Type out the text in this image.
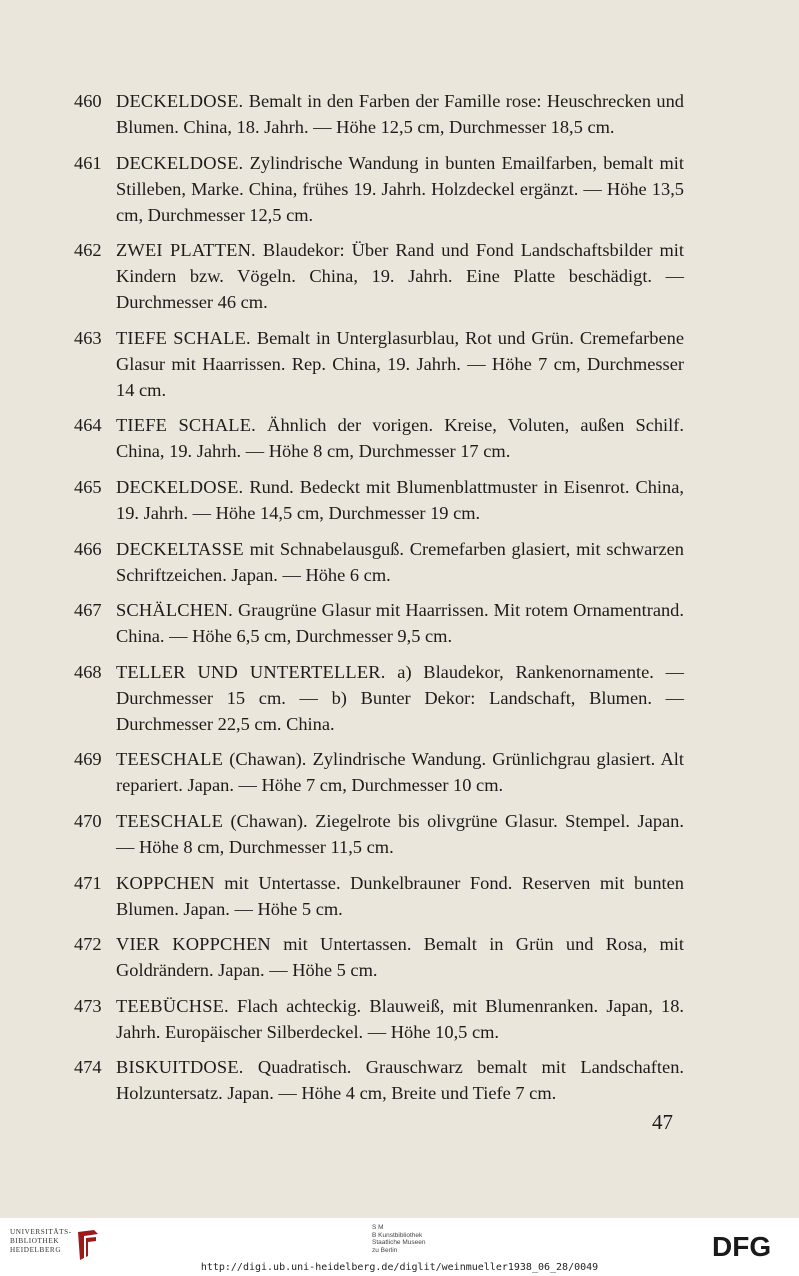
460 DECKELDOSE. Bemalt in den Farben der Famille rose: Heuschrecken und Blumen. China, 18. Jahrh. — Höhe 12,5 cm, Durchmesser 18,5 cm.
461 DECKELDOSE. Zylindrische Wandung in bunten Emailfarben, bemalt mit Stilleben, Marke. China, frühes 19. Jahrh. Holzdeckel ergänzt. — Höhe 13,5 cm, Durchmesser 12,5 cm.
462 ZWEI PLATTEN. Blaudekor: Über Rand und Fond Landschaftsbilder mit Kindern bzw. Vögeln. China, 19. Jahrh. Eine Platte beschädigt. — Durchmesser 46 cm.
463 TIEFE SCHALE. Bemalt in Unterglasurblau, Rot und Grün. Cremefarbene Glasur mit Haarrissen. Rep. China, 19. Jahrh. — Höhe 7 cm, Durchmesser 14 cm.
464 TIEFE SCHALE. Ähnlich der vorigen. Kreise, Voluten, außen Schilf. China, 19. Jahrh. — Höhe 8 cm, Durchmesser 17 cm.
465 DECKELDOSE. Rund. Bedeckt mit Blumenblattmuster in Eisenrot. China, 19. Jahrh. — Höhe 14,5 cm, Durchmesser 19 cm.
466 DECKELTASSE mit Schnabelausguß. Cremefarben glasiert, mit schwarzen Schriftzeichen. Japan. — Höhe 6 cm.
467 SCHÄLCHEN. Graugrüne Glasur mit Haarrissen. Mit rotem Ornamentrand. China. — Höhe 6,5 cm, Durchmesser 9,5 cm.
468 TELLER UND UNTERTELLER. a) Blaudekor, Rankenornamente. — Durchmesser 15 cm. — b) Bunter Dekor: Landschaft, Blumen. — Durchmesser 22,5 cm. China.
469 TEESCHALE (Chawan). Zylindrische Wandung. Grünlichgrau glasiert. Alt repariert. Japan. — Höhe 7 cm, Durchmesser 10 cm.
470 TEESCHALE (Chawan). Ziegelrote bis olivgrüne Glasur. Stempel. Japan. — Höhe 8 cm, Durchmesser 11,5 cm.
471 KOPPCHEN mit Untertasse. Dunkelbrauner Fond. Reserven mit bunten Blumen. Japan. — Höhe 5 cm.
472 VIER KOPPCHEN mit Untertassen. Bemalt in Grün und Rosa, mit Goldrändern. Japan. — Höhe 5 cm.
473 TEEBÜCHSE. Flach achteckig. Blauweiß, mit Blumenranken. Japan, 18. Jahrh. Europäischer Silberdeckel. — Höhe 10,5 cm.
474 BISKUITDOSE. Quadratisch. Grauschwarz bemalt mit Landschaften. Holzuntersatz. Japan. — Höhe 4 cm, Breite und Tiefe 7 cm.
47
UNIVERSITÄTS-
BIBLIOTHEK
HEIDELBERG
S M
B Kunstbibliothek
Staatliche Museen
zu Berlin	DFG
http://digi.ub.uni-heidelberg.de/diglit/weinmueller1938_06_28/0049
